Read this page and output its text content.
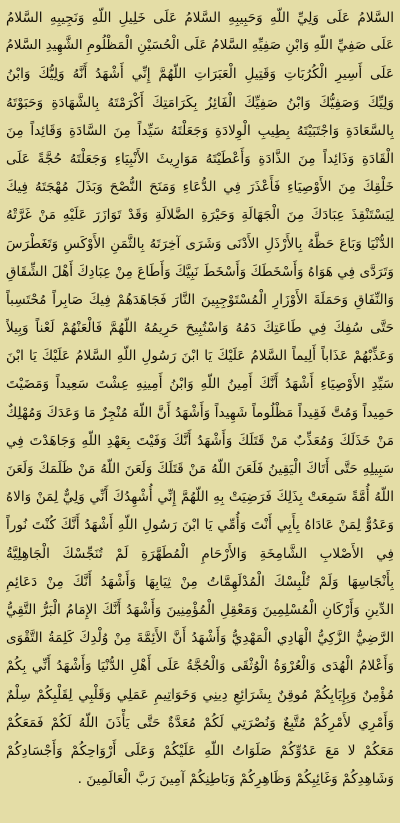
السَّلامُ عَلَى وَلِيِّ اللّهِ وَحَبِيبِهِ السَّلامُ عَلَى خَلِيلِ اللّهِ وَنَجِيبِهِ السَّلامُ
عَلَى صَفِيِّ اللّهِ وَابْنِ صَفِيِّهِ السَّلامُ عَلَى الْحُسَيْنِ الْمَظْلُومِ الشَّهِيدِ السَّلامُ
عَلَى أَسِيرِ الْكُرُبَاتِ وَقَتِيلِ الْعَبَرَاتِ اللّهُمَّ إِنِّي أَشْهَدُ أَنَّهُ وَلِيُّكَ وَابْنُ
وَلِيِّكَ وَصَفِيُّكَ وَابْنُ صَفِيِّكَ الْفَائِزُ بِكَرَامَتِكَ أَكْرَمْتَهُ بِالشَّهَادَةِ وَحَبَوْتَهُ
بِالسَّعَادَةِ وَاجْتَبَيْتَهُ بِطِيبِ الْوِلادَةِ وَجَعَلْتَهُ سَيِّداً مِنَ السَّادَةِ وَقَائِداً مِنَ
الْقَادَةِ وَذَائِداً مِنَ الذَّادَةِ وَأَعْطَيْتَهُ مَوَارِيثَ الأَنْبِيَاءِ وَجَعَلْتَهُ حُجَّةً عَلَى
خَلْقِكَ مِنَ الأَوْصِيَاءِ فَأَعْذَرَ فِي الدُّعَاءِ وَمَنَحَ النُّصْحَ وَبَذَلَ مُهْجَتَهُ فِيكَ
لِيَسْتَنْقِذَ عِبَادَكَ مِنَ الْجَهَالَةِ وَحَيْرَةِ الضَّلالَةِ وَقَدْ تَوَازَرَ عَلَيْهِ مَنْ غَرَّتْهُ
الدُّنْيَا وَبَاعَ حَظَّهُ بِالأَرْذَلِ الأَدْنَى وَشَرَى آخِرَتَهُ بِالثَّمَنِ الأَوْكَسِ وَتَغَطْرَسَ
وَتَرَدَّى فِي هَوَاهُ وَأَسْخَطَكَ وَأَسْخَطَ نَبِيَّكَ وَأَطَاعَ مِنْ عِبَادِكَ أَهْلَ الشِّقَاقِ
وَالنِّفَاقِ وَحَمَلَةَ الأَوْزَارِ الْمُسْتَوْجِبِينَ النَّارَ فَجَاهَدَهُمْ فِيكَ صَابِراً مُحْتَسِباً
حَتَّى سُفِكَ فِي طَاعَتِكَ دَمُهُ وَاسْتُبِيحَ حَرِيمُهُ اللّهُمَّ فَالْعَنْهُمْ لَعْناً وَبِيلاً
وَعَذِّبْهُمْ عَذَاباً أَلِيماً السَّلامُ عَلَيْكَ يَا ابْنَ رَسُولِ اللّهِ السَّلامُ عَلَيْكَ يَا ابْنَ
سَيِّدِ الأَوْصِيَاءِ أَشْهَدُ أَنَّكَ أَمِينُ اللّهِ وَابْنُ أَمِينِهِ عِشْتَ سَعِيداً وَمَضَيْتَ
حَمِيداً وَمُتَّ فَقِيداً مَظْلُوماً شَهِيداً وَأَشْهَدُ أَنَّ اللّهَ مُنْجِزٌ مَا وَعَدَكَ وَمُهْلِكٌ
مَنْ خَذَلَكَ وَمُعَذِّبٌ مَنْ قَتَلَكَ وَأَشْهَدُ أَنَّكَ وَفَيْتَ بِعَهْدِ اللّهِ وَجَاهَدْتَ فِي
سَبِيلِهِ حَتَّى أَتَاكَ الْيَقِينُ فَلَعَنَ اللّهُ مَنْ قَتَلَكَ وَلَعَنَ اللّهُ مَنْ ظَلَمَكَ وَلَعَنَ
اللّهُ أُمَّةً سَمِعَتْ بِذَلِكَ فَرَضِيَتْ بِهِ اللّهُمَّ إِنِّي أُشْهِدُكَ أَنِّي وَلِيٌّ لِمَنْ وَالاهُ
وَعَدُوٌّ لِمَنْ عَادَاهُ بِأَبِي أَنْتَ وَأُمِّي يَا ابْنَ رَسُولِ اللّهِ أَشْهَدُ أَنَّكَ كُنْتَ نُوراً
فِي الأَصْلابِ الشَّامِخَةِ وَالأَرْحَامِ الْمُطَهَّرَةِ لَمْ تُنَجِّسْكَ الْجَاهِلِيَّةُ
بِأَنْجَاسِهَا وَلَمْ تُلْبِسْكَ الْمُدْلَهِمَّاتُ مِنْ ثِيَابِهَا وَأَشْهَدُ أَنَّكَ مِنْ دَعَائِمِ
الدِّينِ وَأَرْكَانِ الْمُسْلِمِينَ وَمَعْقِلِ الْمُؤْمِنِينَ وَأَشْهَدُ أَنَّكَ الإِمَامُ الْبَرُّ التَّقِيُّ
الرَّضِيُّ الزَّكِيُّ الْهَادِي الْمَهْدِيُّ وَأَشْهَدُ أَنَّ الأَئِمَّةَ مِنْ وُلْدِكَ كَلِمَةُ التَّقْوَى
وَأَعْلامُ الْهُدَى وَالْعُرْوَةُ الْوُثْقَى وَالْحُجَّةُ عَلَى أَهْلِ الدُّنْيَا وَأَشْهَدُ أَنِّي بِكُمْ
مُؤْمِنٌ وَبِإِيَابِكُمْ مُوقِنٌ بِشَرَائِعِ دِينِي وَخَوَاتِيمِ عَمَلِي وَقَلْبِي لِقَلْبِكُمْ سِلْمٌ
وَأَمْرِي لأَمْرِكُمْ مُتَّبِعٌ وَنُصْرَتِي لَكُمْ مُعَدَّةٌ حَتَّى يَأْذَنَ اللّهُ لَكُمْ فَمَعَكُمْ
مَعَكُمْ لا مَعَ عَدُوِّكُمْ صَلَوَاتُ اللّهِ عَلَيْكُمْ وَعَلَى أَرْوَاحِكُمْ وَأَجْسَادِكُمْ
وَشَاهِدِكُمْ وَغَائِبِكُمْ وَظَاهِرِكُمْ وَبَاطِنِكُمْ آمِينَ رَبَّ الْعَالَمِينَ .
